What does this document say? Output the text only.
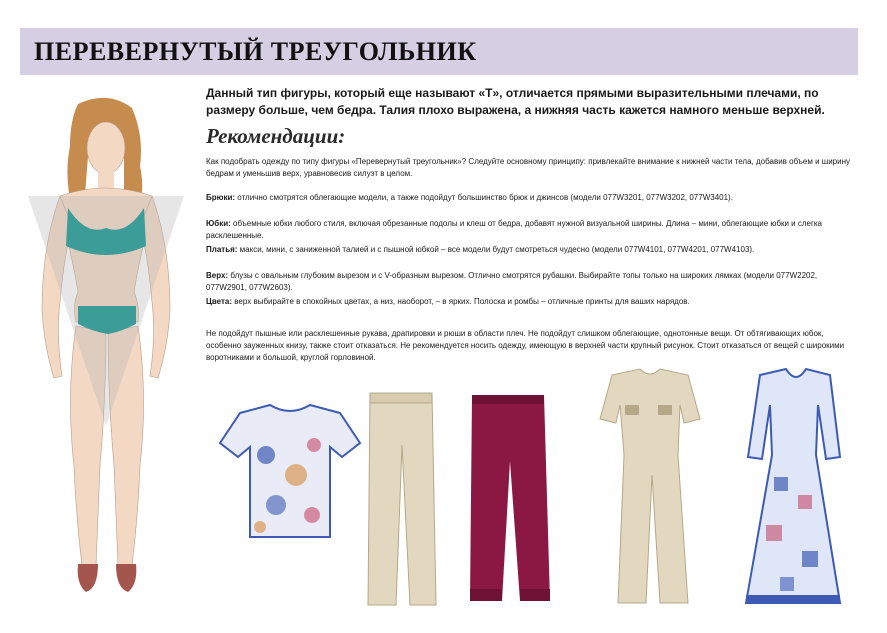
ПЕРЕВЕРНУТЫЙ ТРЕУГОЛЬНИК

Данный тип фигуры, который еще называют «Т», отличается прямыми выразительными плечами, по размеру больше, чем бедра. Талия плохо выражена, а нижняя часть кажется намного меньше верхней.

Рекомендации:

Как подобрать одежду по типу фигуры «Перевернутый треугольник»? Следуйте основному принципу: привлекайте внимание к нижней части тела, добавив объем и ширину бедрам и уменьшив верх, уравновесив силуэт в целом.

Брюки: отлично смотрятся облегающие модели, а также подойдут большинство брюк и джинсов (модели 077W3201, 077W3202, 077W3401).

Юбки: объемные юбки любого стиля, включая обрезанные подолы и клеш от бедра, добавят нужной визуальной ширины. Длина – мини, облегающие юбки и слегка расклешенные.

Платья: макси, мини, с заниженной талией и с пышной юбкой – все модели будут смотреться чудесно (модели 077W4101, 077W4201, 077W4103).

Верх: блузы с овальным глубоким вырезом и с V-образным вырезом. Отлично смотрятся рубашки. Выбирайте топы только на широких лямках (модели 077W2202, 077W2901, 077W2603).

Цвета: верх выбирайте в спокойных цветах, а низ, наоборот, – в ярких. Полоска и ромбы – отличные принты для ваших нарядов.

Не подойдут пышные или расклешенные рукава, драпировки и рюши в области плеч. Не подойдут слишком облегающие, однотонные вещи. От обтягивающих юбок, особенно зауженных книзу, также стоит отказаться. Не рекомендуется носить одежду, имеющую в верхней части крупный рисунок. Стоит отказаться от вещей с широкими воротниками и большой, круглой горловиной.
